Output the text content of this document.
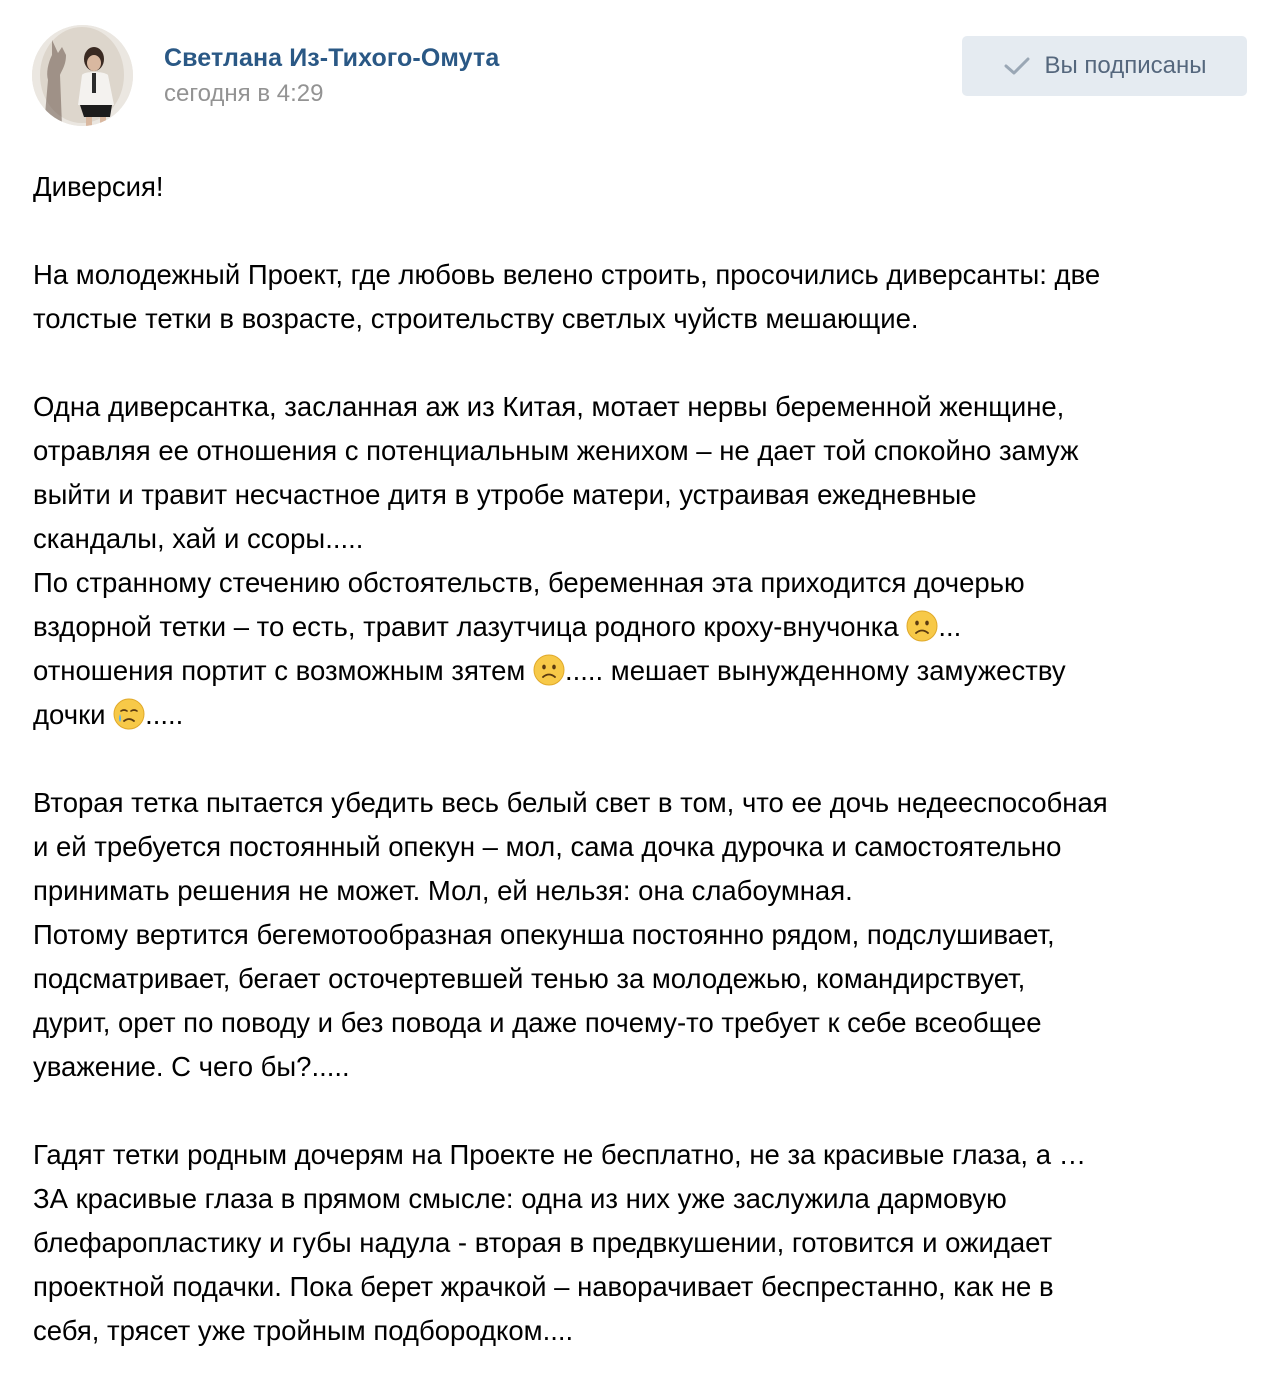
Светлана Из-Тихого-Омута
сегодня в 4:29
Вы подписаны

Диверсия!

На молодежный Проект, где любовь велено строить, просочились диверсанты: две

толстые тетки в возрасте, строительству светлых чуйств мешающие.

Одна диверсантка, засланная аж из Китая, мотает нервы беременной женщине,

отравляя ее отношения с потенциальным женихом – не дает той спокойно замуж

выйти и травит несчастное дитя в утробе матери, устраивая ежедневные

скандалы, хай и ссоры.....

По странному стечению обстоятельств, беременная эта приходится дочерью

вздорной тетки – то есть, травит лазутчица родного кроху-внучонка ...

отношения портит с возможным зятем ..... мешает вынужденному замужеству

дочки .....

Вторая тетка пытается убедить весь белый свет в том, что ее дочь недееспособная

и ей требуется постоянный опекун – мол, сама дочка дурочка и самостоятельно

принимать решения не может. Мол, ей нельзя: она слабоумная.

Потому вертится бегемотообразная опекунша постоянно рядом, подслушивает,

подсматривает, бегает осточертевшей тенью за молодежью, командирствует,

дурит, орет по поводу и без повода и даже почему-то требует к себе всеобщее

уважение. С чего бы?.....

Гадят тетки родным дочерям на Проекте не бесплатно, не за красивые глаза, а …

ЗА красивые глаза в прямом смысле: одна из них уже заслужила дармовую

блефаропластику и губы надула - вторая в предвкушении, готовится и ожидает

проектной подачки. Пока берет жрачкой – наворачивает беспрестанно, как не в

себя, трясет уже тройным подбородком....
